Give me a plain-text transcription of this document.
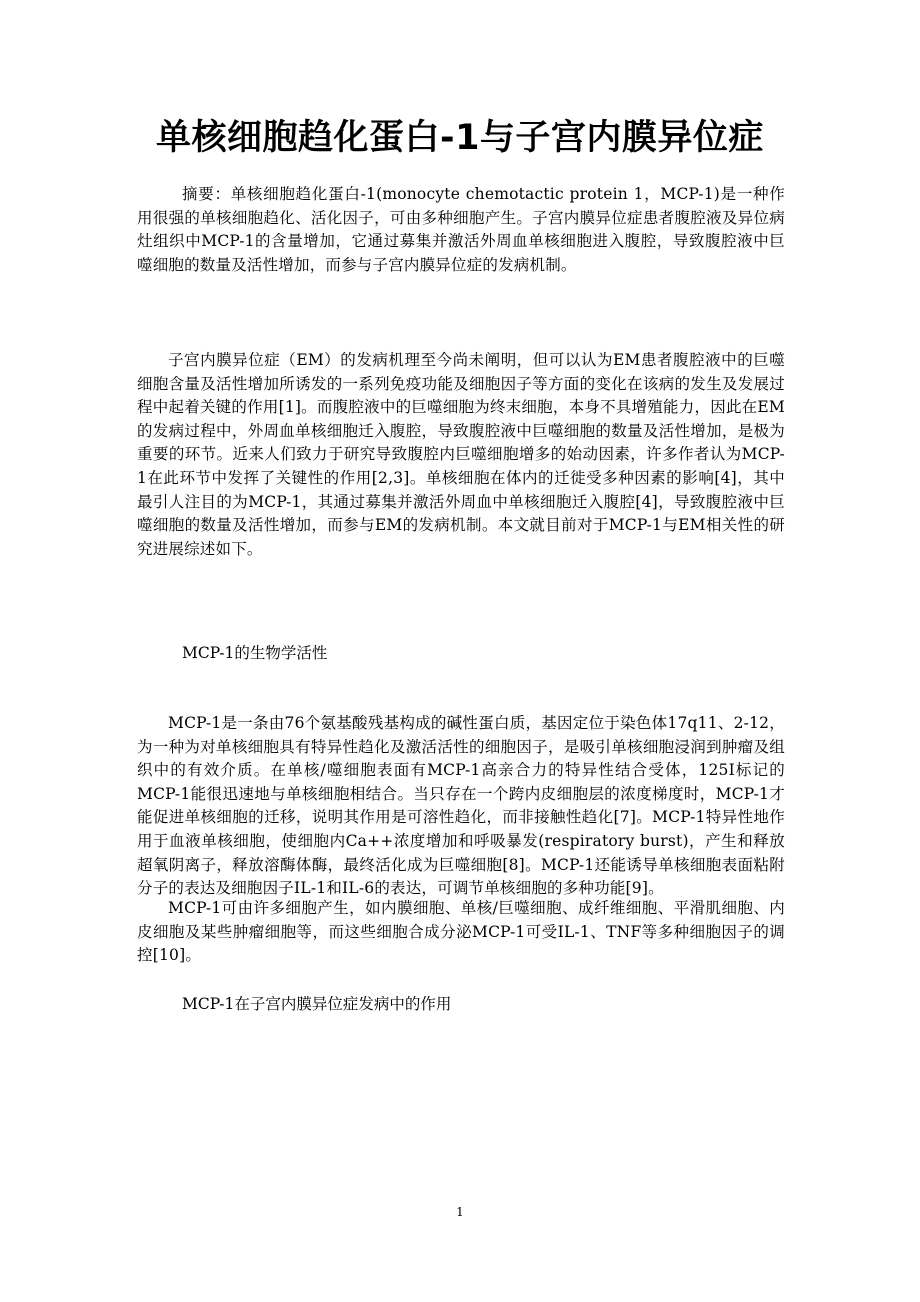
单核细胞趋化蛋白-1与子宫内膜异位症

摘要：单核细胞趋化蛋白-1(monocyte chemotactic protein 1，MCP-1)是一种作用很强的单核细胞趋化、活化因子，可由多种细胞产生。子宫内膜异位症患者腹腔液及异位病灶组织中MCP-1的含量增加，它通过募集并激活外周血单核细胞进入腹腔，导致腹腔液中巨噬细胞的数量及活性增加，而参与子宫内膜异位症的发病机制。

子宫内膜异位症（EM）的发病机理至今尚未阐明，但可以认为EM患者腹腔液中的巨噬细胞含量及活性增加所诱发的一系列免疫功能及细胞因子等方面的变化在该病的发生及发展过程中起着关键的作用[1]。而腹腔液中的巨噬细胞为终末细胞，本身不具增殖能力，因此在EM的发病过程中，外周血单核细胞迁入腹腔，导致腹腔液中巨噬细胞的数量及活性增加，是极为重要的环节。近来人们致力于研究导致腹腔内巨噬细胞增多的始动因素，许多作者认为MCP-1在此环节中发挥了关键性的作用[2,3]。单核细胞在体内的迁徙受多种因素的影响[4]，其中最引人注目的为MCP-1，其通过募集并激活外周血中单核细胞迁入腹腔[4]，导致腹腔液中巨噬细胞的数量及活性增加，而参与EM的发病机制。本文就目前对于MCP-1与EM相关性的研究进展综述如下。

MCP-1的生物学活性

MCP-1是一条由76个氨基酸残基构成的碱性蛋白质，基因定位于染色体17q11、2-12，为一种为对单核细胞具有特异性趋化及激活活性的细胞因子，是吸引单核细胞浸润到肿瘤及组织中的有效介质。在单核/噬细胞表面有MCP-1高亲合力的特异性结合受体，125I标记的MCP-1能很迅速地与单核细胞相结合。当只存在一个跨内皮细胞层的浓度梯度时，MCP-1才能促进单核细胞的迁移，说明其作用是可溶性趋化，而非接触性趋化[7]。MCP-1特异性地作用于血液单核细胞，使细胞内Ca++浓度增加和呼吸暴发(respiratory burst)，产生和释放超氧阴离子，释放溶酶体酶，最终活化成为巨噬细胞[8]。MCP-1还能诱导单核细胞表面粘附分子的表达及细胞因子IL-1和IL-6的表达，可调节单核细胞的多种功能[9]。

MCP-1可由许多细胞产生，如内膜细胞、单核/巨噬细胞、成纤维细胞、平滑肌细胞、内皮细胞及某些肿瘤细胞等，而这些细胞合成分泌MCP-1可受IL-1、TNF等多种细胞因子的调控[10]。

MCP-1在子宫内膜异位症发病中的作用

1
